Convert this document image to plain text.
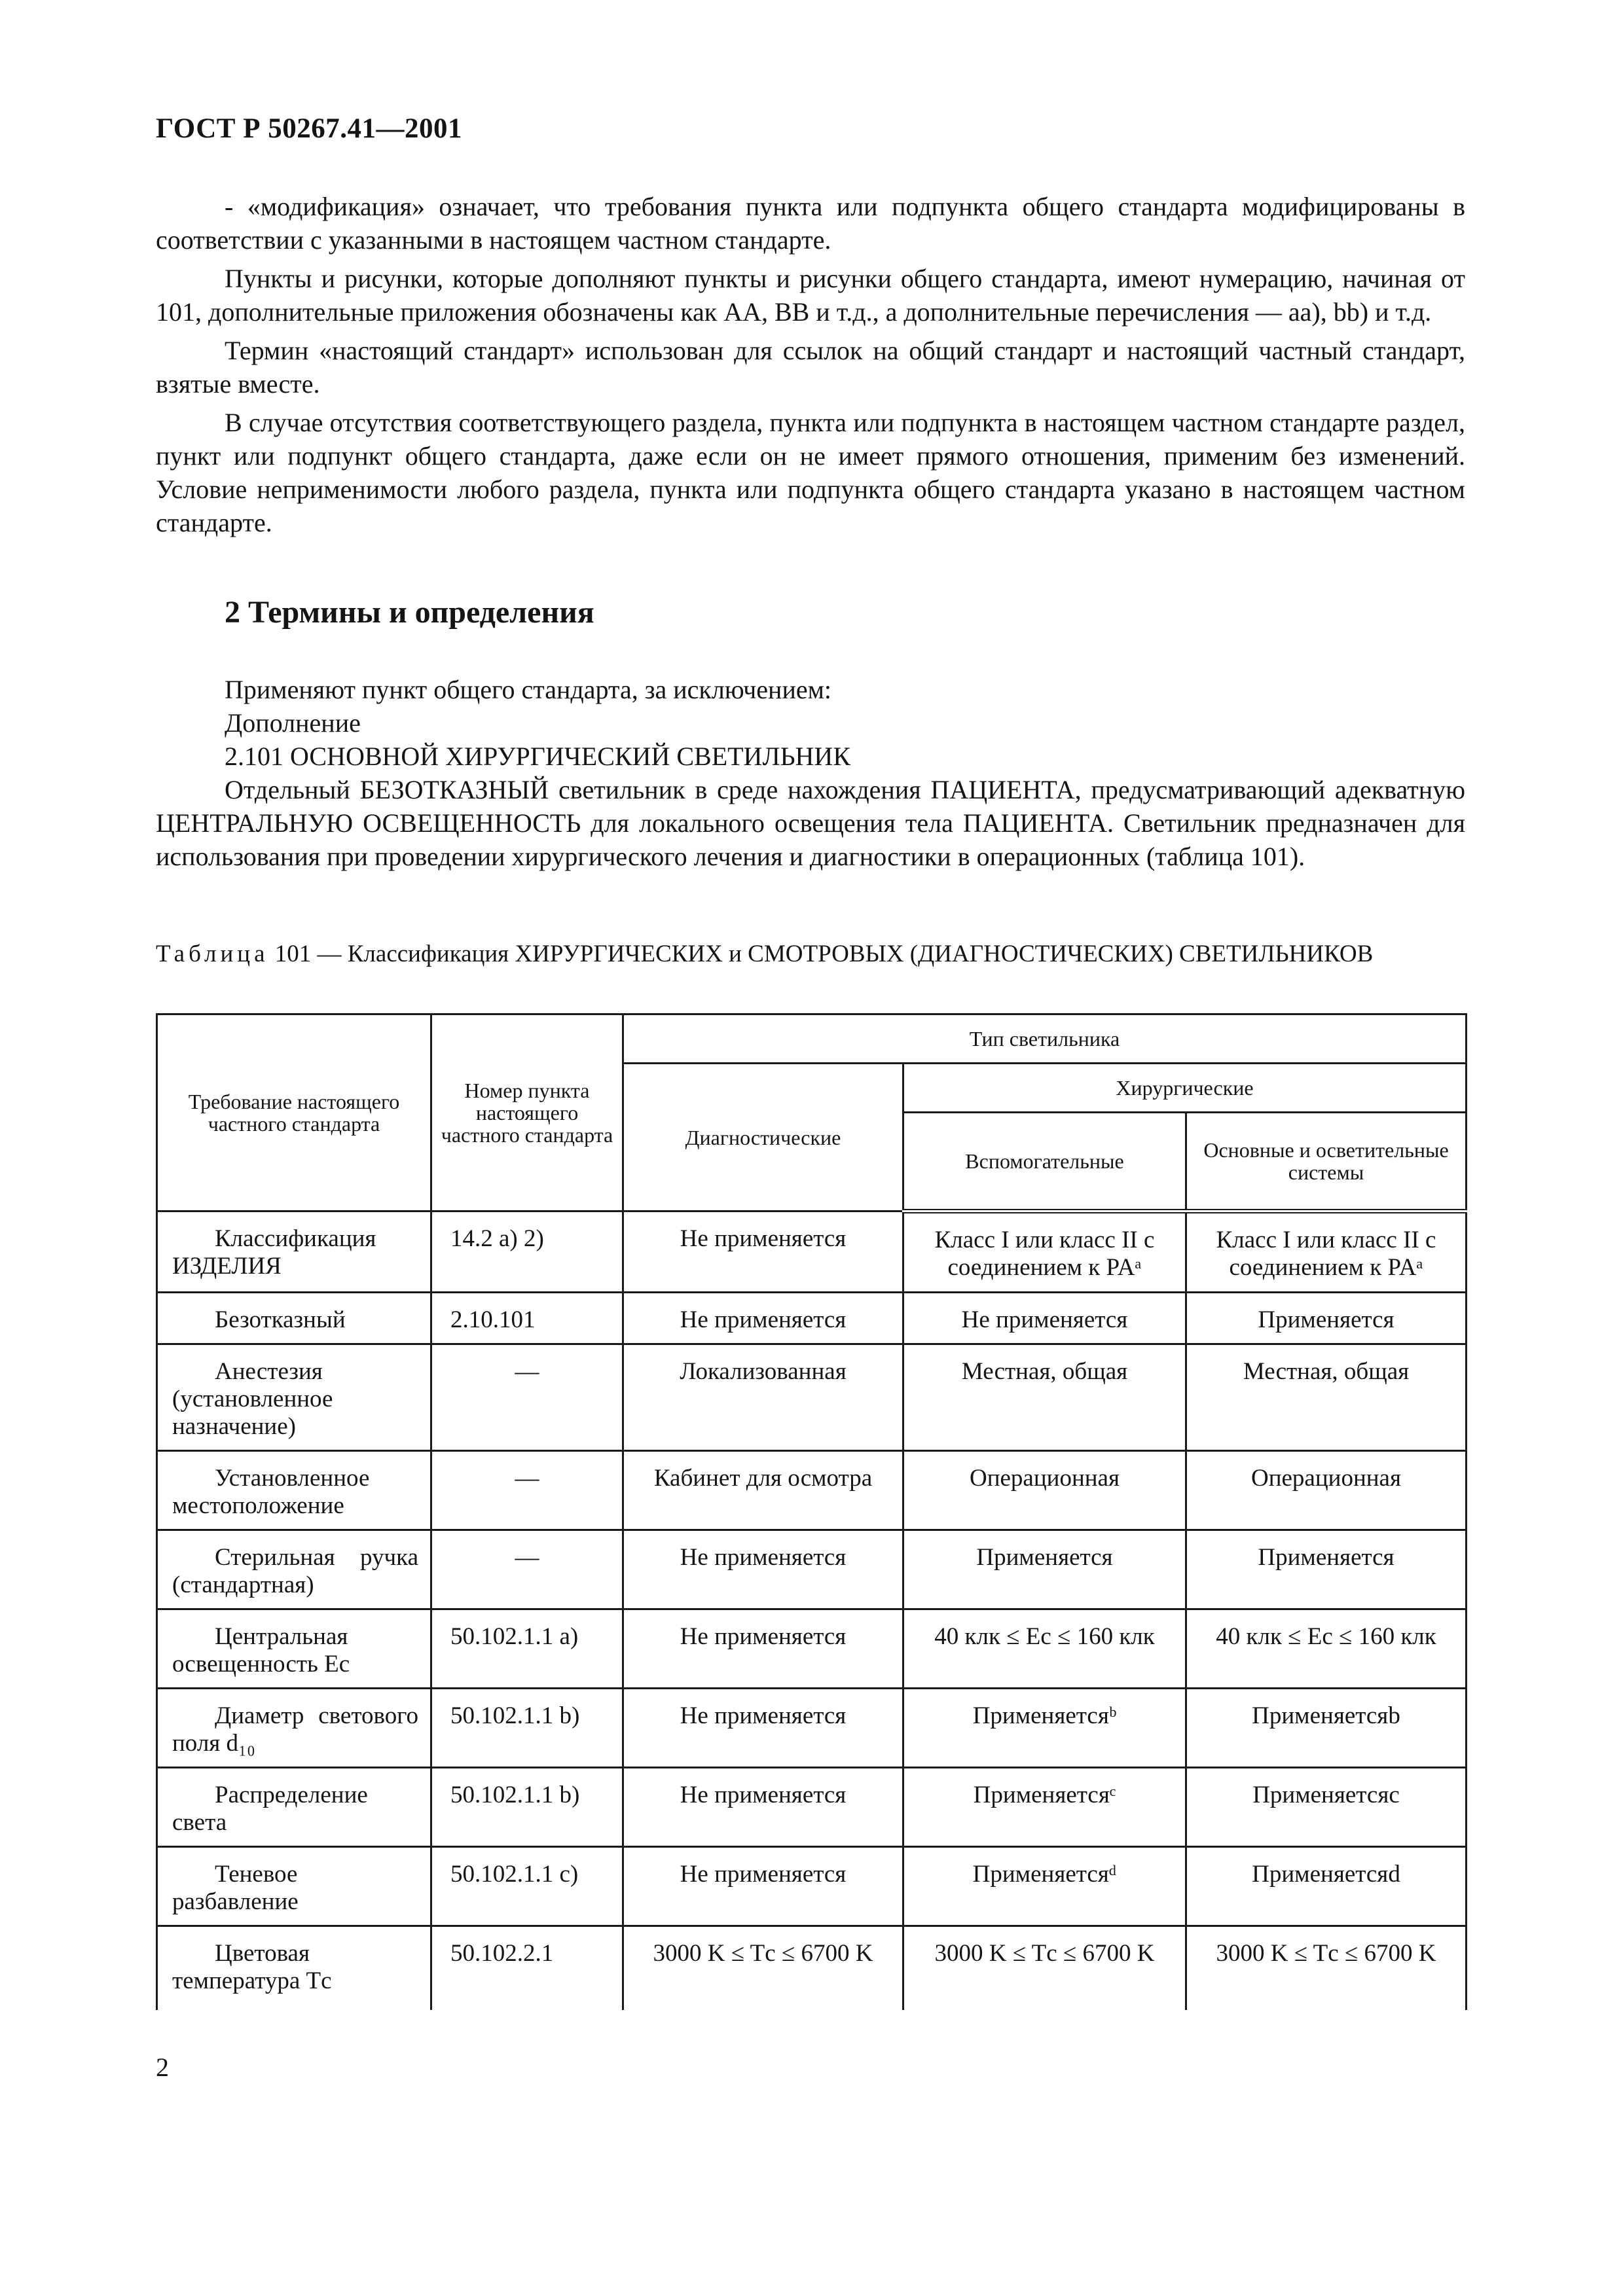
ГОСТ Р 50267.41—2001

- «модификация» означает, что требования пункта или подпункта общего стандарта модифицированы в соответствии с указанными в настоящем частном стандарте.

Пункты и рисунки, которые дополняют пункты и рисунки общего стандарта, имеют нумерацию, начиная от 101, дополнительные приложения обозначены как АА, ВВ и т.д., а дополнительные перечисления — aa), bb) и т.д.

Термин «настоящий стандарт» использован для ссылок на общий стандарт и настоящий частный стандарт, взятые вместе.

В случае отсутствия соответствующего раздела, пункта или подпункта в настоящем частном стандарте раздел, пункт или подпункт общего стандарта, даже если он не имеет прямого отношения, применим без изменений. Условие неприменимости любого раздела, пункта или подпункта общего стандарта указано в настоящем частном стандарте.

2 Термины и определения

Применяют пункт общего стандарта, за исключением:

Дополнение

2.101 ОСНОВНОЙ ХИРУРГИЧЕСКИЙ СВЕТИЛЬНИК

Отдельный БЕЗОТКАЗНЫЙ светильник в среде нахождения ПАЦИЕНТА, предусматривающий адекватную ЦЕНТРАЛЬНУЮ ОСВЕЩЕННОСТЬ для локального освещения тела ПАЦИЕНТА. Светильник предназначен для использования при проведении хирургического лечения и диагностики в операционных (таблица 101).

Таблица 101 — Классификация ХИРУРГИЧЕСКИХ и СМОТРОВЫХ (ДИАГНОСТИЧЕСКИХ) СВЕТИЛЬНИКОВ
Требование настоящего частного стандарта	Номер пункта настоящего частного стандарта	Тип светильника		
		Диагностические	Хирургические	
			Вспомогательные	Основные и осветительные системы
Классификация ИЗДЕЛИЯ	14.2 a) 2)	Не применяется	Класс I или класс II с соединением к PAᵃ	Класс I или класс II с соединением к PAᵃ
Безотказный	2.10.101	Не применяется	Не применяется	Применяется
Анестезия (установленное назначение)	—	Локализованная	Местная, общая	Местная, общая
Установленное местоположение	—	Кабинет для осмотра	Операционная	Операционная
Стерильная ручка (стандартная)	—	Не применяется	Применяется	Применяется
Центральная освещенность Eс	50.102.1.1 a)	Не применяется	40 клк ≤ Eс ≤ 160 клк	40 клк ≤ Eс ≤ 160 клк
Диаметр светового поля d₁₀	50.102.1.1 b)	Не применяется	Применяетсяᵇ	Применяетсяb
Распределение света	50.102.1.1 b)	Не применяется	Применяетсяᶜ	Применяетсяc
Теневое разбавление	50.102.1.1 c)	Не применяется	Применяетсяᵈ	Применяетсяd
Цветовая температура Tс	50.102.2.1	3000 K ≤ Tс ≤ 6700 K	3000 K ≤ Tс ≤ 6700 K	3000 K ≤ Tс ≤ 6700 K
2
